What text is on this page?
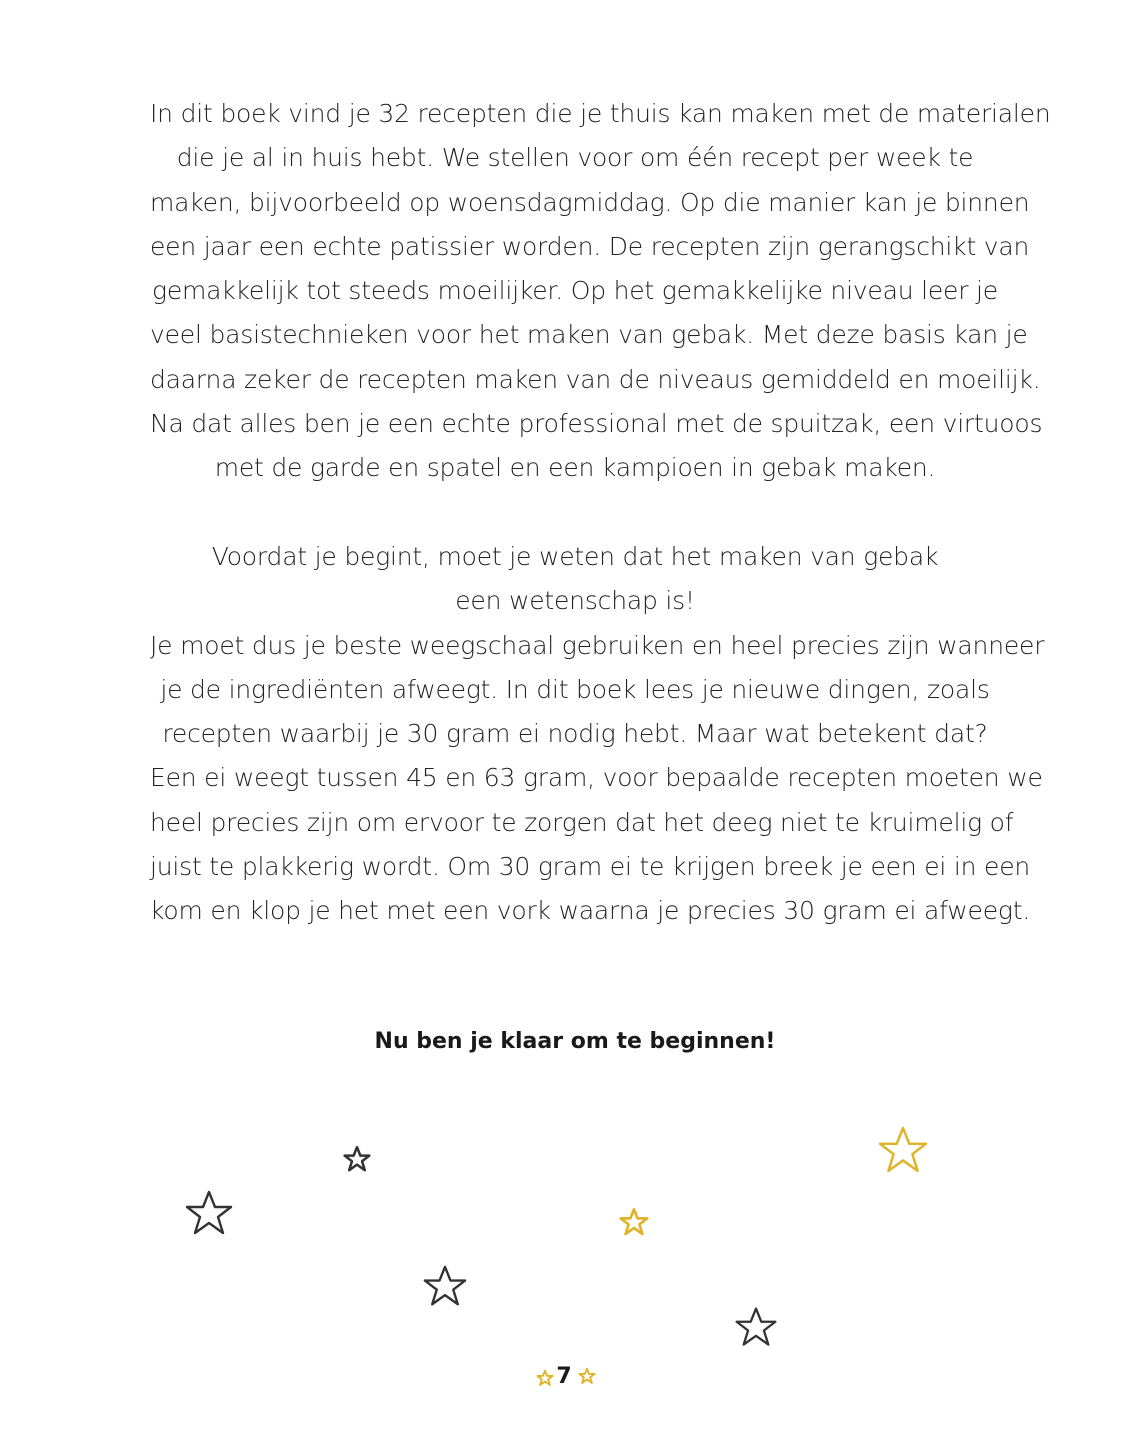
In dit boek vind je 32 recepten die je thuis kan maken met de materialen
die je al in huis hebt. We stellen voor om één recept per week te
maken, bijvoorbeeld op woensdagmiddag. Op die manier kan je binnen
een jaar een echte patissier worden. De recepten zijn gerangschikt van
gemakkelijk tot steeds moeilijker. Op het gemakkelijke niveau leer je
veel basistechnieken voor het maken van gebak. Met deze basis kan je
daarna zeker de recepten maken van de niveaus gemiddeld en moeilijk.
Na dat alles ben je een echte professional met de spuitzak, een virtuoos
met de garde en spatel en een kampioen in gebak maken.
Voordat je begint, moet je weten dat het maken van gebak
een wetenschap is!
Je moet dus je beste weegschaal gebruiken en heel precies zijn wanneer
je de ingrediënten afweegt. In dit boek lees je nieuwe dingen, zoals
recepten waarbij je 30 gram ei nodig hebt. Maar wat betekent dat?
Een ei weegt tussen 45 en 63 gram, voor bepaalde recepten moeten we
heel precies zijn om ervoor te zorgen dat het deeg niet te kruimelig of
juist te plakkerig wordt. Om 30 gram ei te krijgen breek je een ei in een
kom en klop je het met een vork waarna je precies 30 gram ei afweegt.
Nu ben je klaar om te beginnen!
7
